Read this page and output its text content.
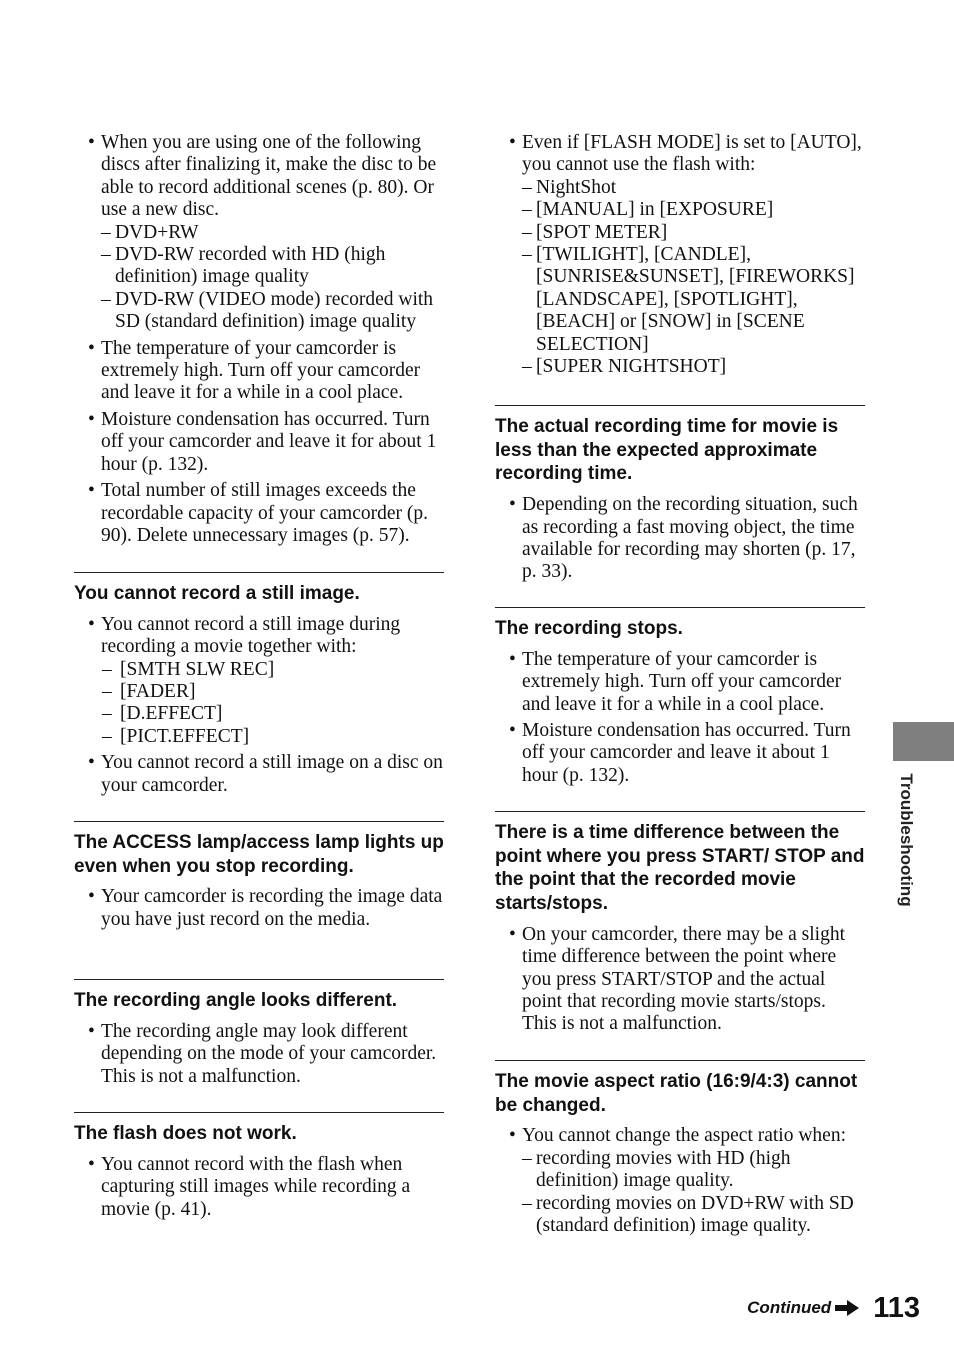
• When you are using one of the following discs after finalizing it, make the disc to be able to record additional scenes (p. 80). Or use a new disc.
– DVD+RW
– DVD-RW recorded with HD (high definition) image quality
– DVD-RW (VIDEO mode) recorded with SD (standard definition) image quality
• The temperature of your camcorder is extremely high. Turn off your camcorder and leave it for a while in a cool place.
• Moisture condensation has occurred. Turn off your camcorder and leave it for about 1 hour (p. 132).
• Total number of still images exceeds the recordable capacity of your camcorder (p. 90). Delete unnecessary images (p. 57).
You cannot record a still image.
• You cannot record a still image during recording a movie together with:
– [SMTH SLW REC]
– [FADER]
– [D.EFFECT]
– [PICT.EFFECT]
• You cannot record a still image on a disc on your camcorder.
The ACCESS lamp/access lamp lights up even when you stop recording.
• Your camcorder is recording the image data you have just record on the media.
The recording angle looks different.
• The recording angle may look different depending on the mode of your camcorder. This is not a malfunction.
The flash does not work.
• You cannot record with the flash when capturing still images while recording a movie (p. 41).
• Even if [FLASH MODE] is set to [AUTO], you cannot use the flash with:
– NightShot
– [MANUAL] in [EXPOSURE]
– [SPOT METER]
– [TWILIGHT], [CANDLE], [SUNRISE&SUNSET], [FIREWORKS] [LANDSCAPE], [SPOTLIGHT], [BEACH] or [SNOW] in [SCENE SELECTION]
– [SUPER NIGHTSHOT]
The actual recording time for movie is less than the expected approximate recording time.
• Depending on the recording situation, such as recording a fast moving object, the time available for recording may shorten (p. 17, p. 33).
The recording stops.
• The temperature of your camcorder is extremely high. Turn off your camcorder and leave it for a while in a cool place.
• Moisture condensation has occurred. Turn off your camcorder and leave it about 1 hour (p. 132).
There is a time difference between the point where you press START/ STOP and the point that the recorded movie starts/stops.
• On your camcorder, there may be a slight time difference between the point where you press START/STOP and the actual point that recording movie starts/stops. This is not a malfunction.
The movie aspect ratio (16:9/4:3) cannot be changed.
• You cannot change the aspect ratio when:
– recording movies with HD (high definition) image quality.
– recording movies on DVD+RW with SD (standard definition) image quality.
Troubleshooting
Continued 113
